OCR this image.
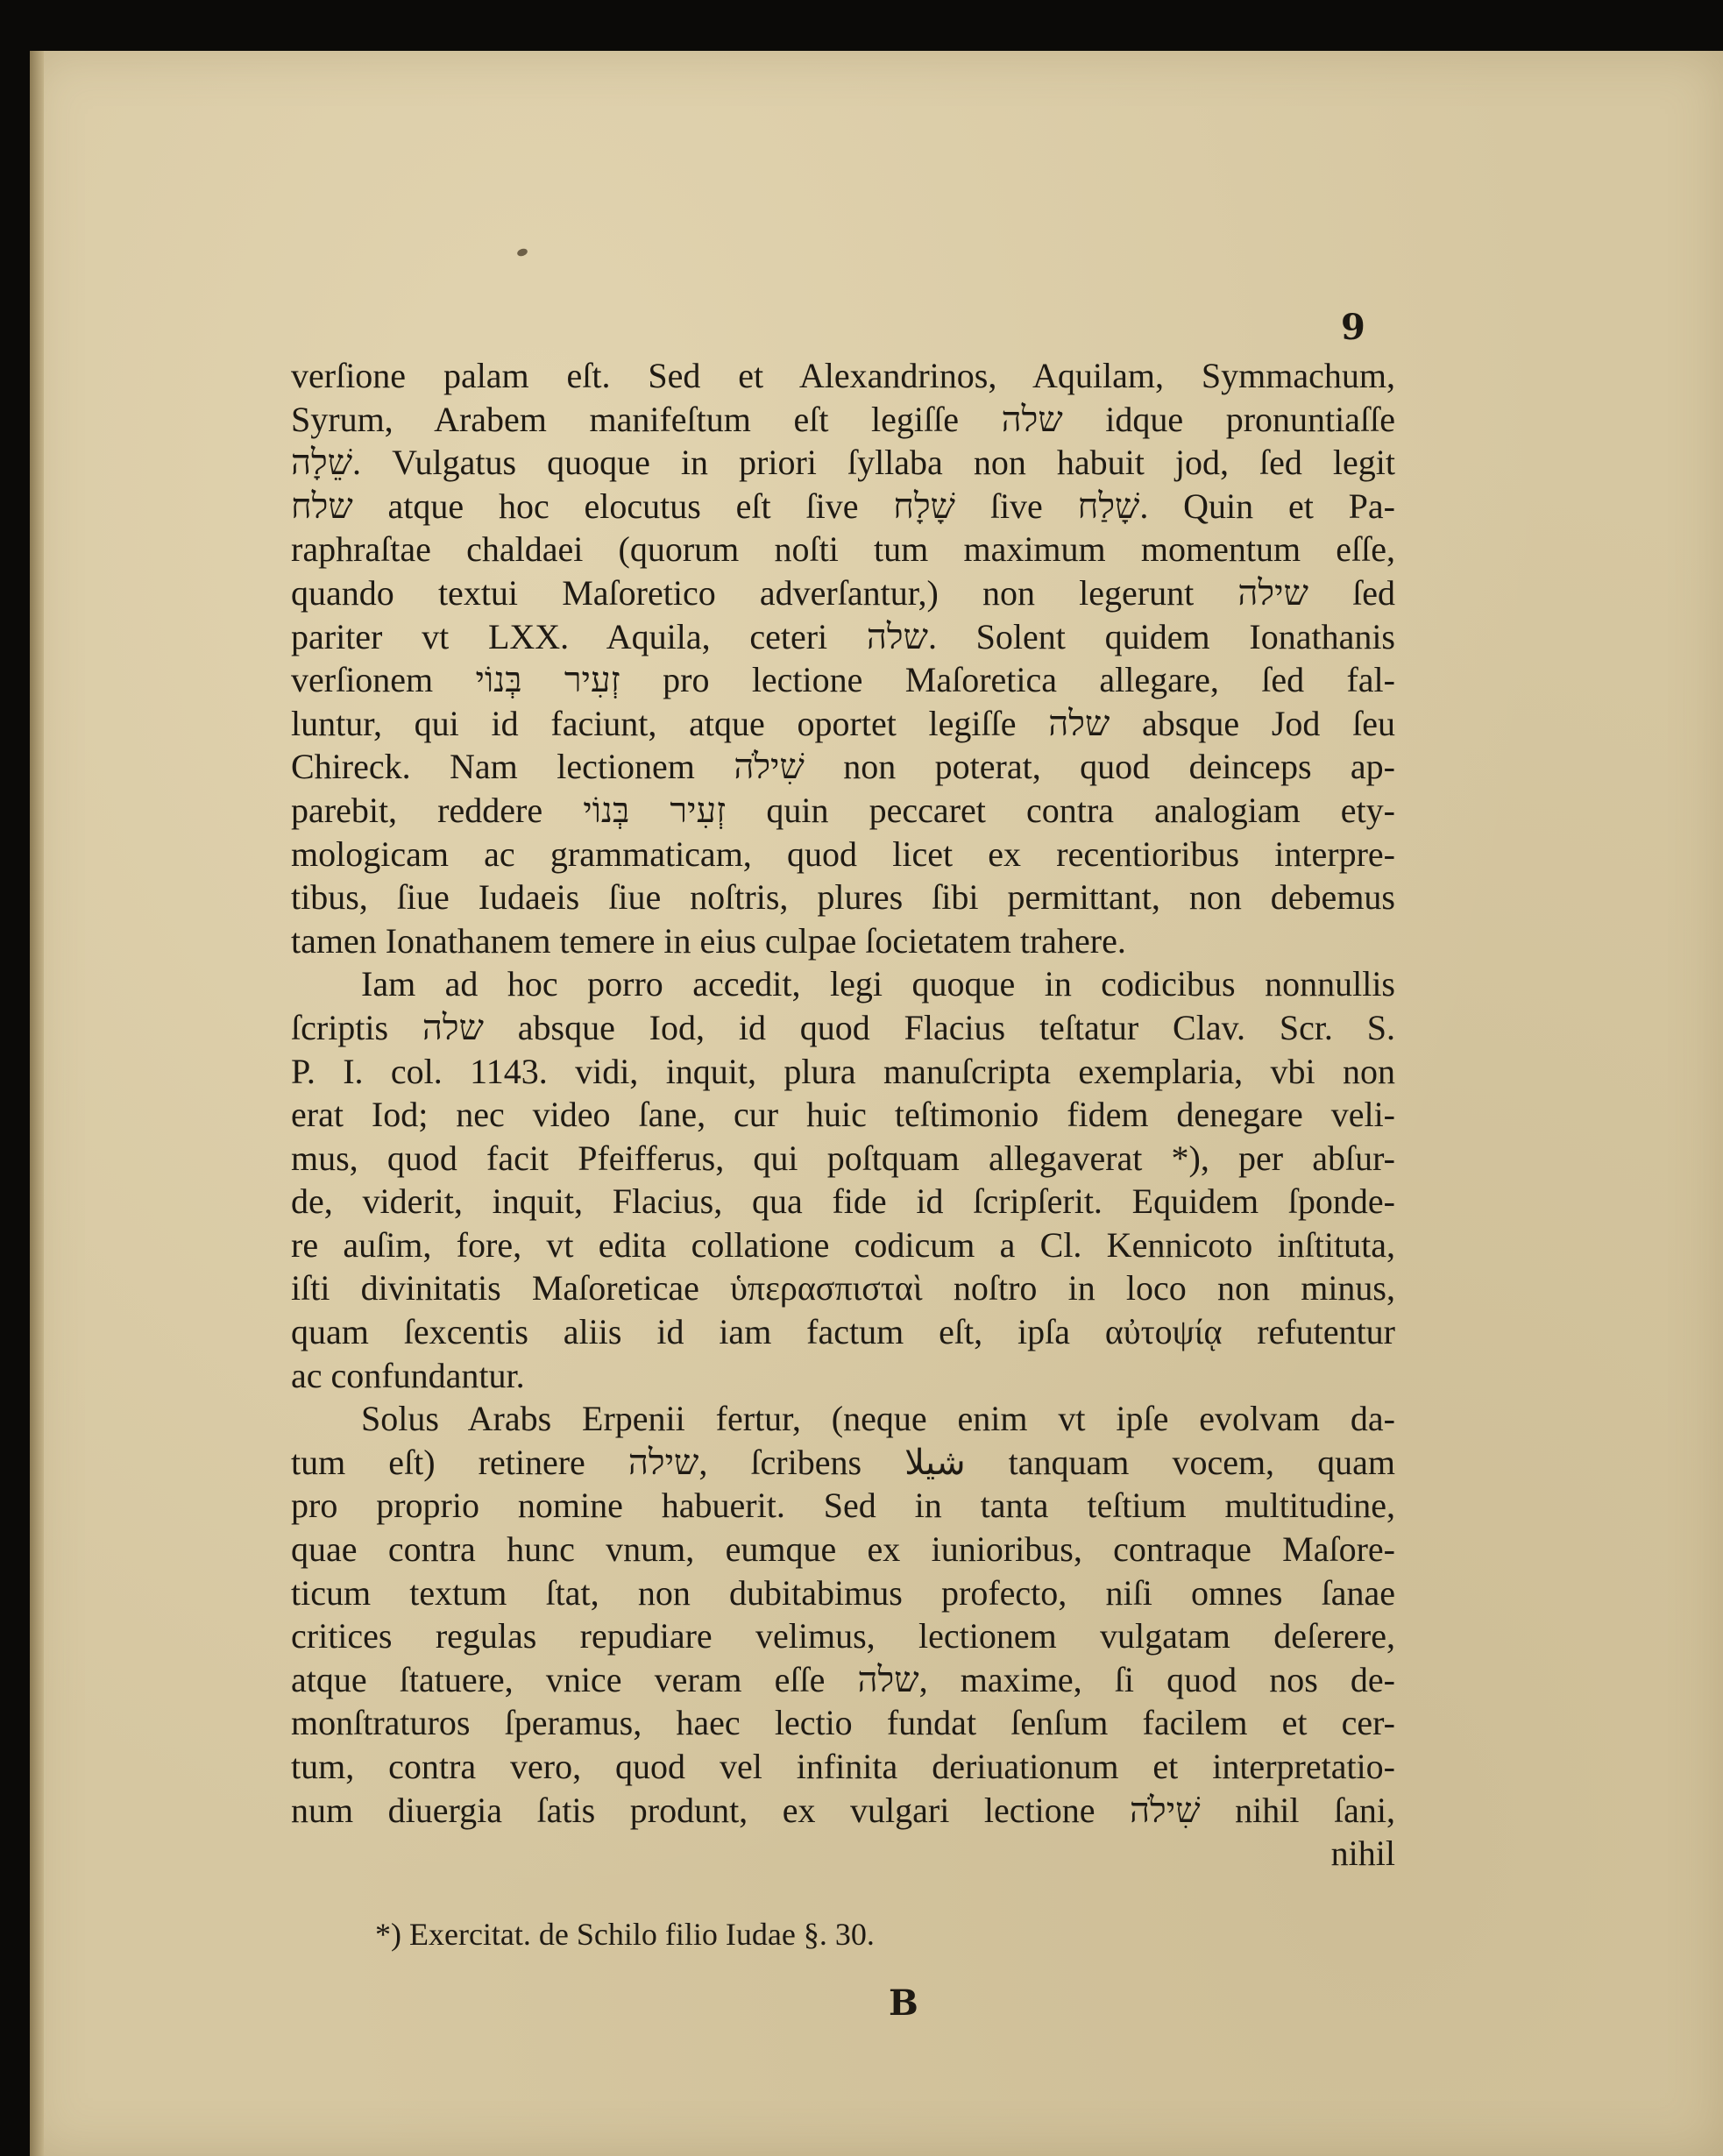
9
verſione palam eſt. Sed et Alexandrinos, Aquilam, Symmachum,
Syrum, Arabem manifeſtum eſt legiſſe שלה idque pronuntiaſſe
שֵׁלָה. Vulgatus quoque in priori ſyllaba non habuit jod, ſed legit
שלח atque hoc elocutus eſt ſive שָׁלָח ſive שָׁלַח. Quin et Pa-
raphraſtae chaldaei (quorum noſti tum maximum momentum eſſe,
quando textui Maſoretico adverſantur,) non legerunt שילה ſed
pariter vt LXX. Aquila, ceteri שלה. Solent quidem Ionathanis
verſionem זְעִיר בְּנוֹי pro lectione Maſoretica allegare, ſed fal-
luntur, qui id faciunt, atque oportet legiſſe שלה absque Jod ſeu
Chireck. Nam lectionem שִׁילֹה non poterat, quod deinceps ap-
parebit, reddere זְעִיר בְּנוֹי quin peccaret contra analogiam ety-
mologicam ac grammaticam, quod licet ex recentioribus interpre-
tibus, ſiue Iudaeis ſiue noſtris, plures ſibi permittant, non debemus
tamen Ionathanem temere in eius culpae ſocietatem trahere.
Iam ad hoc porro accedit, legi quoque in codicibus nonnullis
ſcriptis שלה absque Iod, id quod Flacius teſtatur Clav. Scr. S.
P. I. col. 1143. vidi, inquit, plura manuſcripta exemplaria, vbi non
erat Iod; nec video ſane, cur huic teſtimonio fidem denegare veli-
mus, quod facit Pfeifferus, qui poſtquam allegaverat *), per abſur-
de, viderit, inquit, Flacius, qua fide id ſcripſerit. Equidem ſponde-
re auſim, fore, vt edita collatione codicum a Cl. Kennicoto inſtituta,
iſti divinitatis Maſoreticae ὑπερασπισταὶ noſtro in loco non minus,
quam ſexcentis aliis id iam factum eſt, ipſa αὐτοψίᾳ refutentur
ac confundantur.
Solus Arabs Erpenii fertur, (neque enim vt ipſe evolvam da-
tum eſt) retinere שילה, ſcribens شيلا tanquam vocem, quam
pro proprio nomine habuerit. Sed in tanta teſtium multitudine,
quae contra hunc vnum, eumque ex iunioribus, contraque Maſore-
ticum textum ſtat, non dubitabimus profecto, niſi omnes ſanae
critices regulas repudiare velimus, lectionem vulgatam deſerere,
atque ſtatuere, vnice veram eſſe שלה, maxime, ſi quod nos de-
monſtraturos ſperamus, haec lectio fundat ſenſum facilem et cer-
tum, contra vero, quod vel infinita deriuationum et interpretatio-
num diuergia ſatis produnt, ex vulgari lectione שִׁילֹה nihil ſani,
nihil
*) Exercitat. de Schilo filio Iudae §. 30.
B
